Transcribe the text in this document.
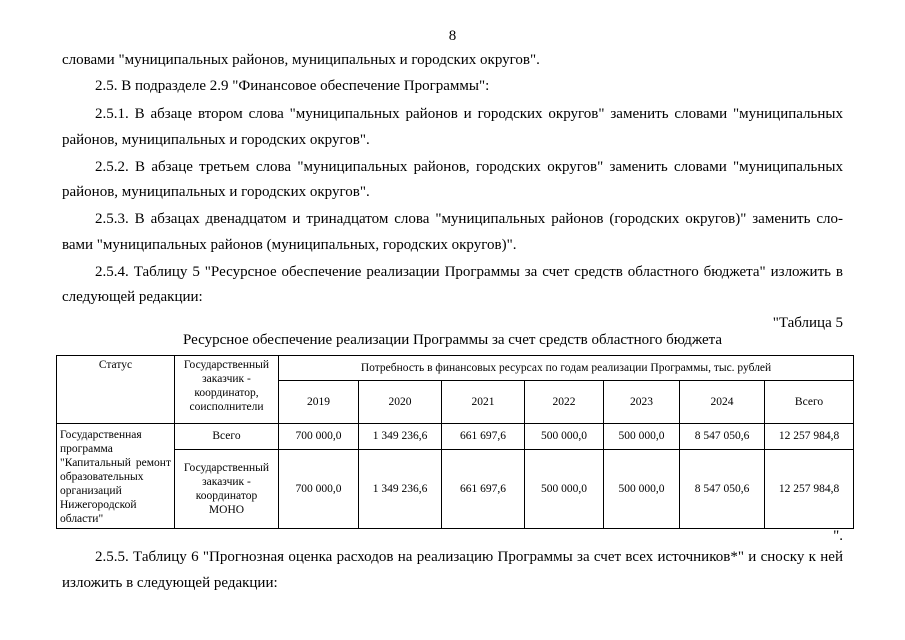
8
словами "муниципальных районов, муниципальных и городских округов".
2.5. В подразделе 2.9 "Финансовое обеспечение Программы":
2.5.1. В абзаце втором слова "муниципальных районов и городских округов" заменить словами "муниципальных
районов, муниципальных и городских округов".
2.5.2. В абзаце третьем слова "муниципальных районов, городских округов" заменить словами "муниципальных
районов, муниципальных и городских округов".
2.5.3. В абзацах двенадцатом и тринадцатом слова "муниципальных районов (городских округов)" заменить сло-
вами "муниципальных районов (муниципальных, городских округов)".
2.5.4. Таблицу 5 "Ресурсное обеспечение реализации Программы за счет средств областного бюджета" изложить в
следующей редакции:
"Таблица 5
Ресурсное обеспечение реализации Программы за счет средств областного бюджета
Статус	Государственный заказчик - координатор, соисполнители	Потребность в финансовых ресурсах по годам реализации Программы, тыс. рублей						
		2019	2020	2021	2022	2023	2024	Всего
Государственная программа "Капитальный ремонт образовательных организаций Нижегородской области"	Всего	700 000,0	1 349 236,6	661 697,6	500 000,0	500 000,0	8 547 050,6	12 257 984,8
	Государственный заказчик - координатор МОНО	700 000,0	1 349 236,6	661 697,6	500 000,0	500 000,0	8 547 050,6	12 257 984,8
".
2.5.5. Таблицу 6 "Прогнозная оценка расходов на реализацию Программы за счет всех источников*" и сноску к ней
изложить в следующей редакции:
